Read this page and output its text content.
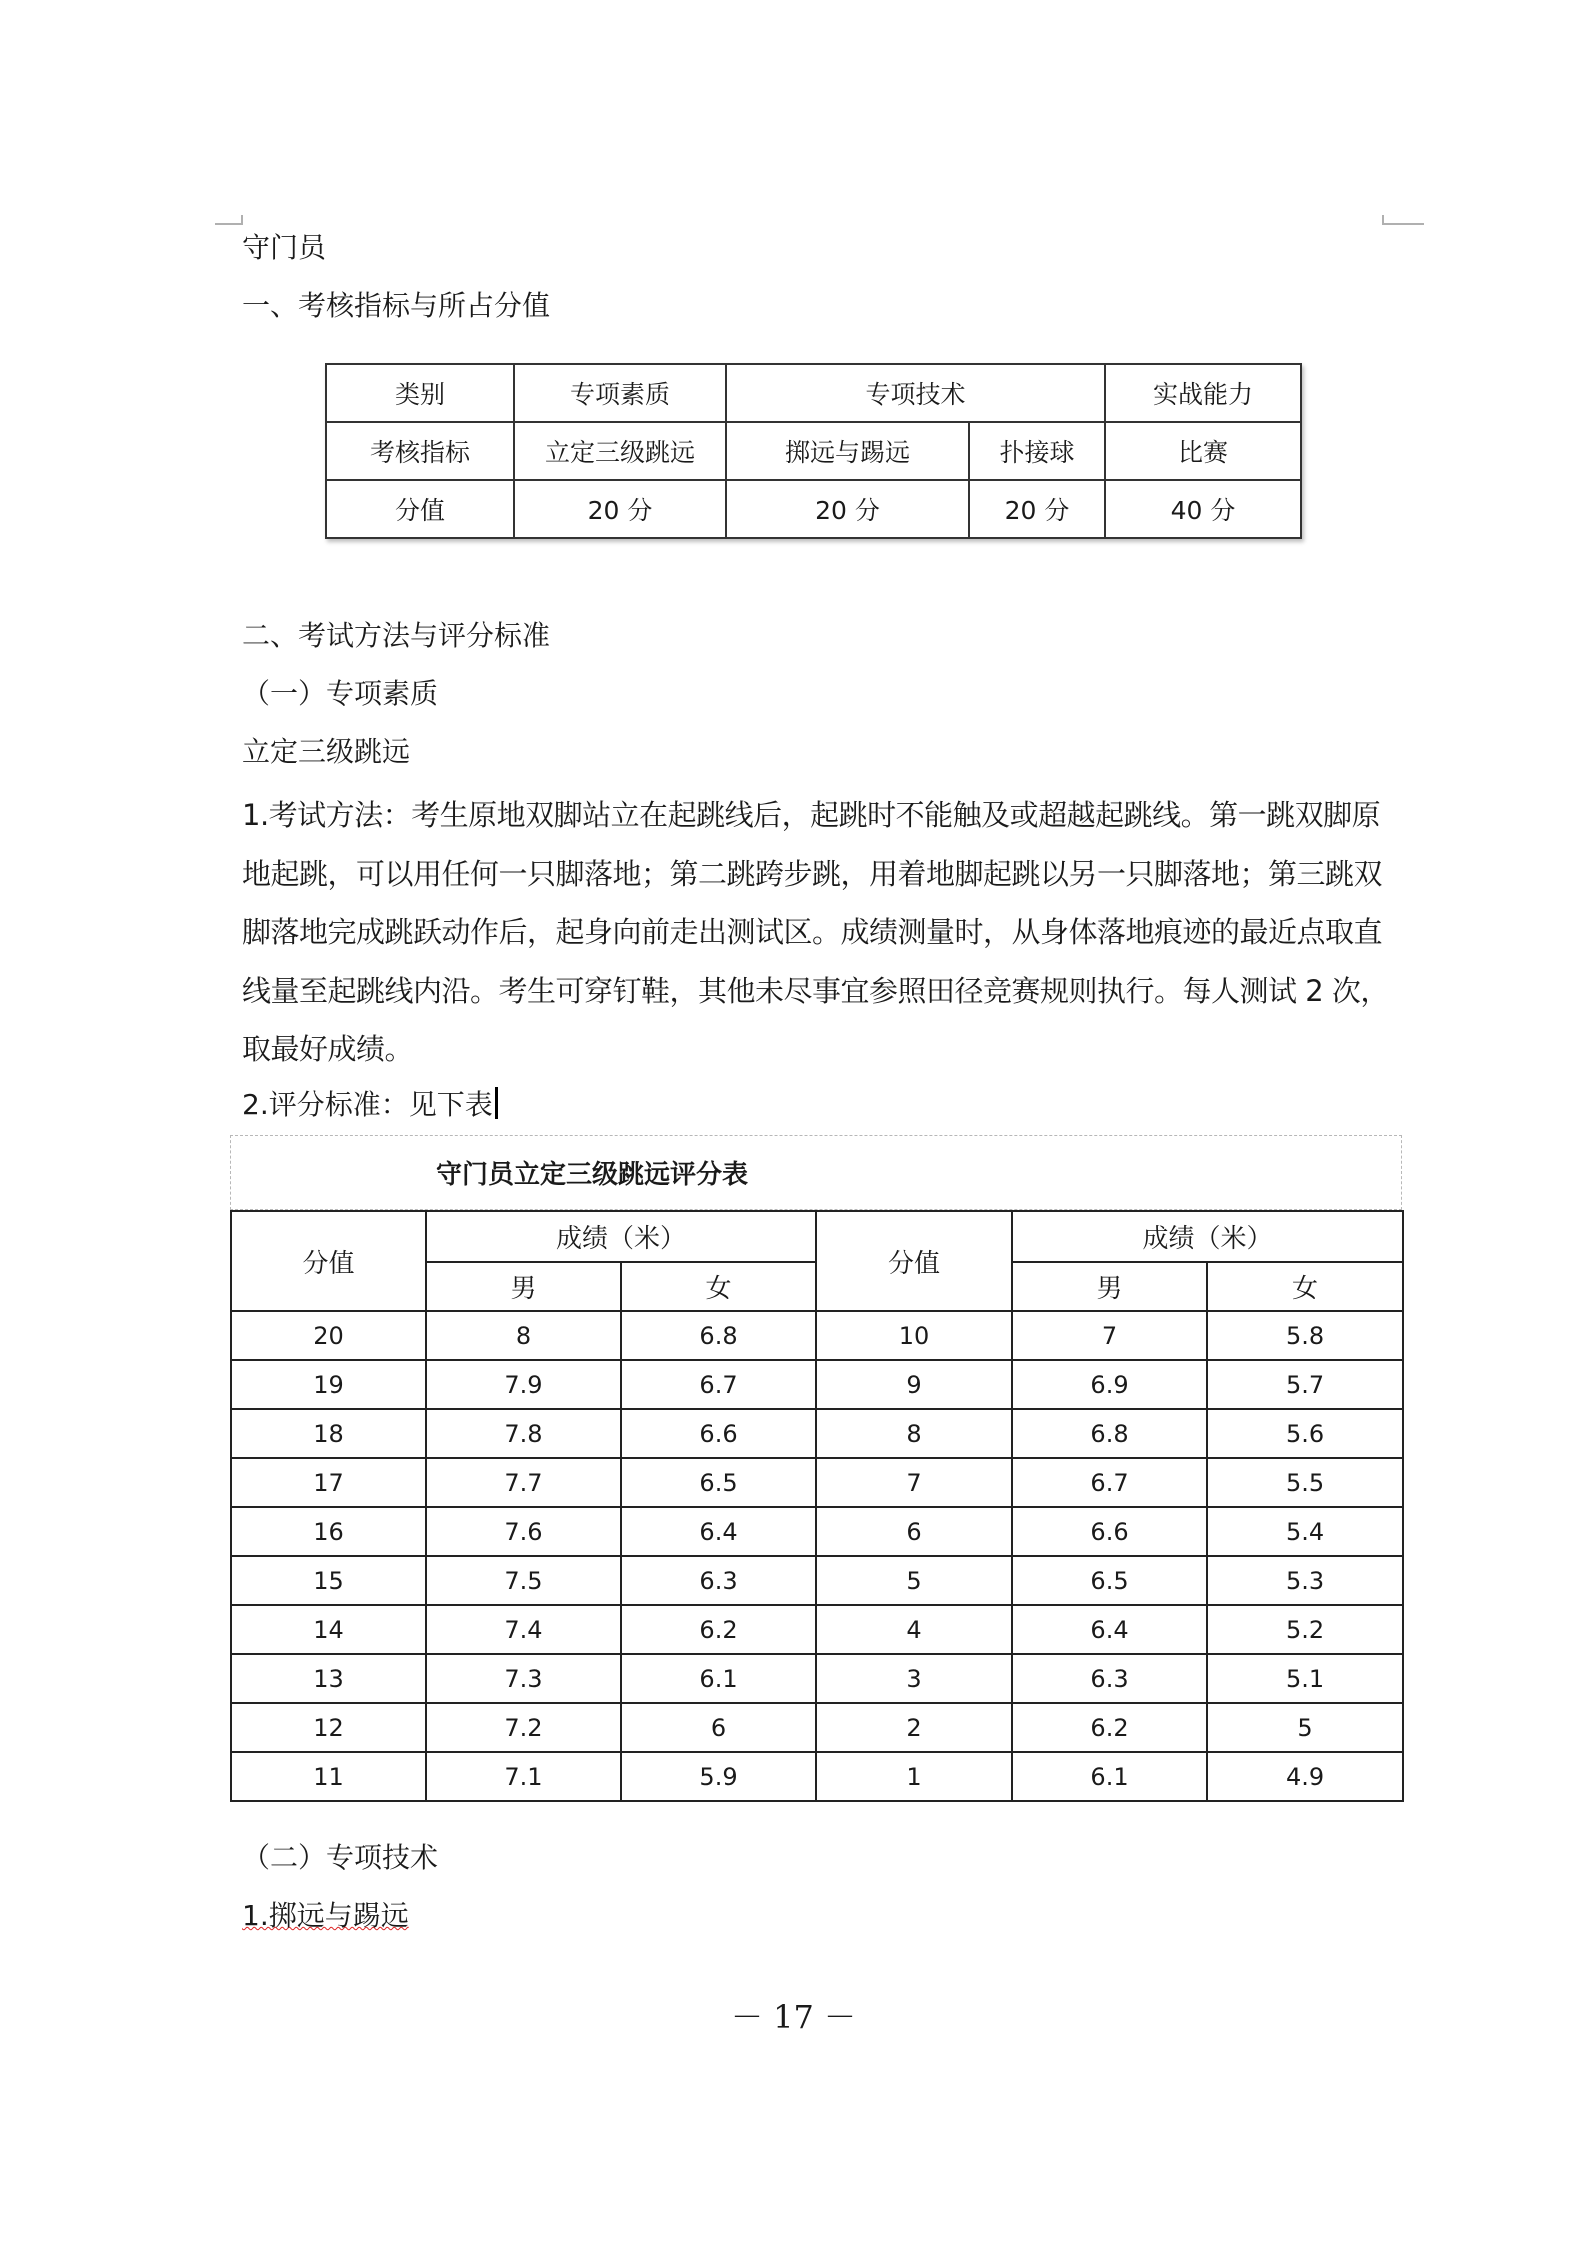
守门员
一、考核指标与所占分值
类别	专项素质	专项技术		实战能力
考核指标	立定三级跳远	掷远与踢远	扑接球	比赛
分值	20 分	20 分	20 分	40 分
二、考试方法与评分标准
（一）专项素质
立定三级跳远
1.考试方法：考生原地双脚站立在起跳线后，起跳时不能触及或超越起跳线。第一跳双脚原地起跳，可以用任何一只脚落地；第二跳跨步跳，用着地脚起跳以另一只脚落地；第三跳双脚落地完成跳跃动作后，起身向前走出测试区。成绩测量时，从身体落地痕迹的最近点取直线量至起跳线内沿。考生可穿钉鞋，其他未尽事宜参照田径竞赛规则执行。每人测试 2 次，取最好成绩。
2.评分标准：见下表
守门员立定三级跳远评分表
分值	成绩（米）		分值	成绩（米）	
	男	女		男	女
20	8	6.8	10	7	5.8
19	7.9	6.7	9	6.9	5.7
18	7.8	6.6	8	6.8	5.6
17	7.7	6.5	7	6.7	5.5
16	7.6	6.4	6	6.6	5.4
15	7.5	6.3	5	6.5	5.3
14	7.4	6.2	4	6.4	5.2
13	7.3	6.1	3	6.3	5.1
12	7.2	6	2	6.2	5
11	7.1	5.9	1	6.1	4.9
（二）专项技术
1.掷远与踢远
－ 17 －
